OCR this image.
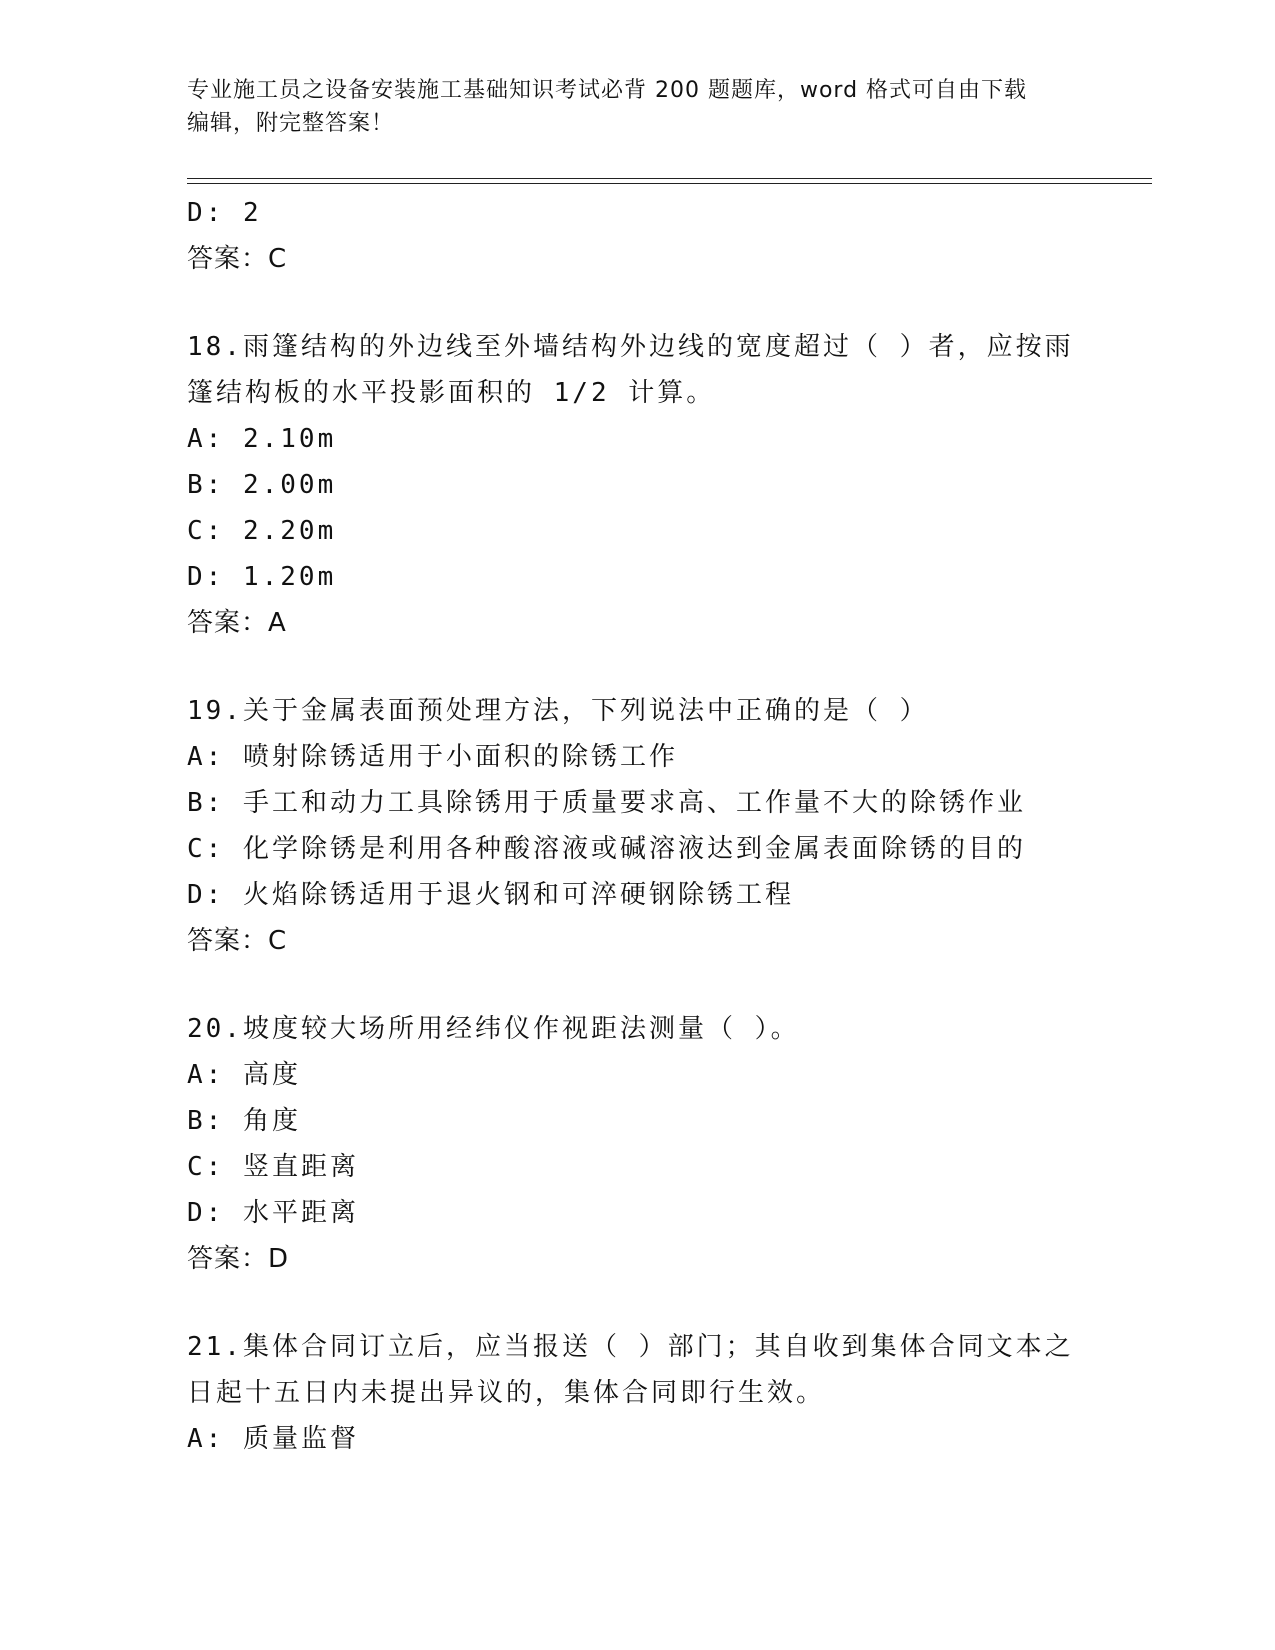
专业施工员之设备安装施工基础知识考试必背 200 题题库，word 格式可自由下载
编辑，附完整答案！
D: 2
答案：C
18.雨篷结构的外边线至外墙结构外边线的宽度超过（ ）者，应按雨
篷结构板的水平投影面积的 1/2 计算。
A: 2.10m
B: 2.00m
C: 2.20m
D: 1.20m
答案：A
19.关于金属表面预处理方法，下列说法中正确的是（ ）
A: 喷射除锈适用于小面积的除锈工作
B: 手工和动力工具除锈用于质量要求高、工作量不大的除锈作业
C: 化学除锈是利用各种酸溶液或碱溶液达到金属表面除锈的目的
D: 火焰除锈适用于退火钢和可淬硬钢除锈工程
答案：C
20.坡度较大场所用经纬仪作视距法测量（ ）。
A: 高度
B: 角度
C: 竖直距离
D: 水平距离
答案：D
21.集体合同订立后，应当报送（ ）部门；其自收到集体合同文本之
日起十五日内未提出异议的，集体合同即行生效。
A: 质量监督
